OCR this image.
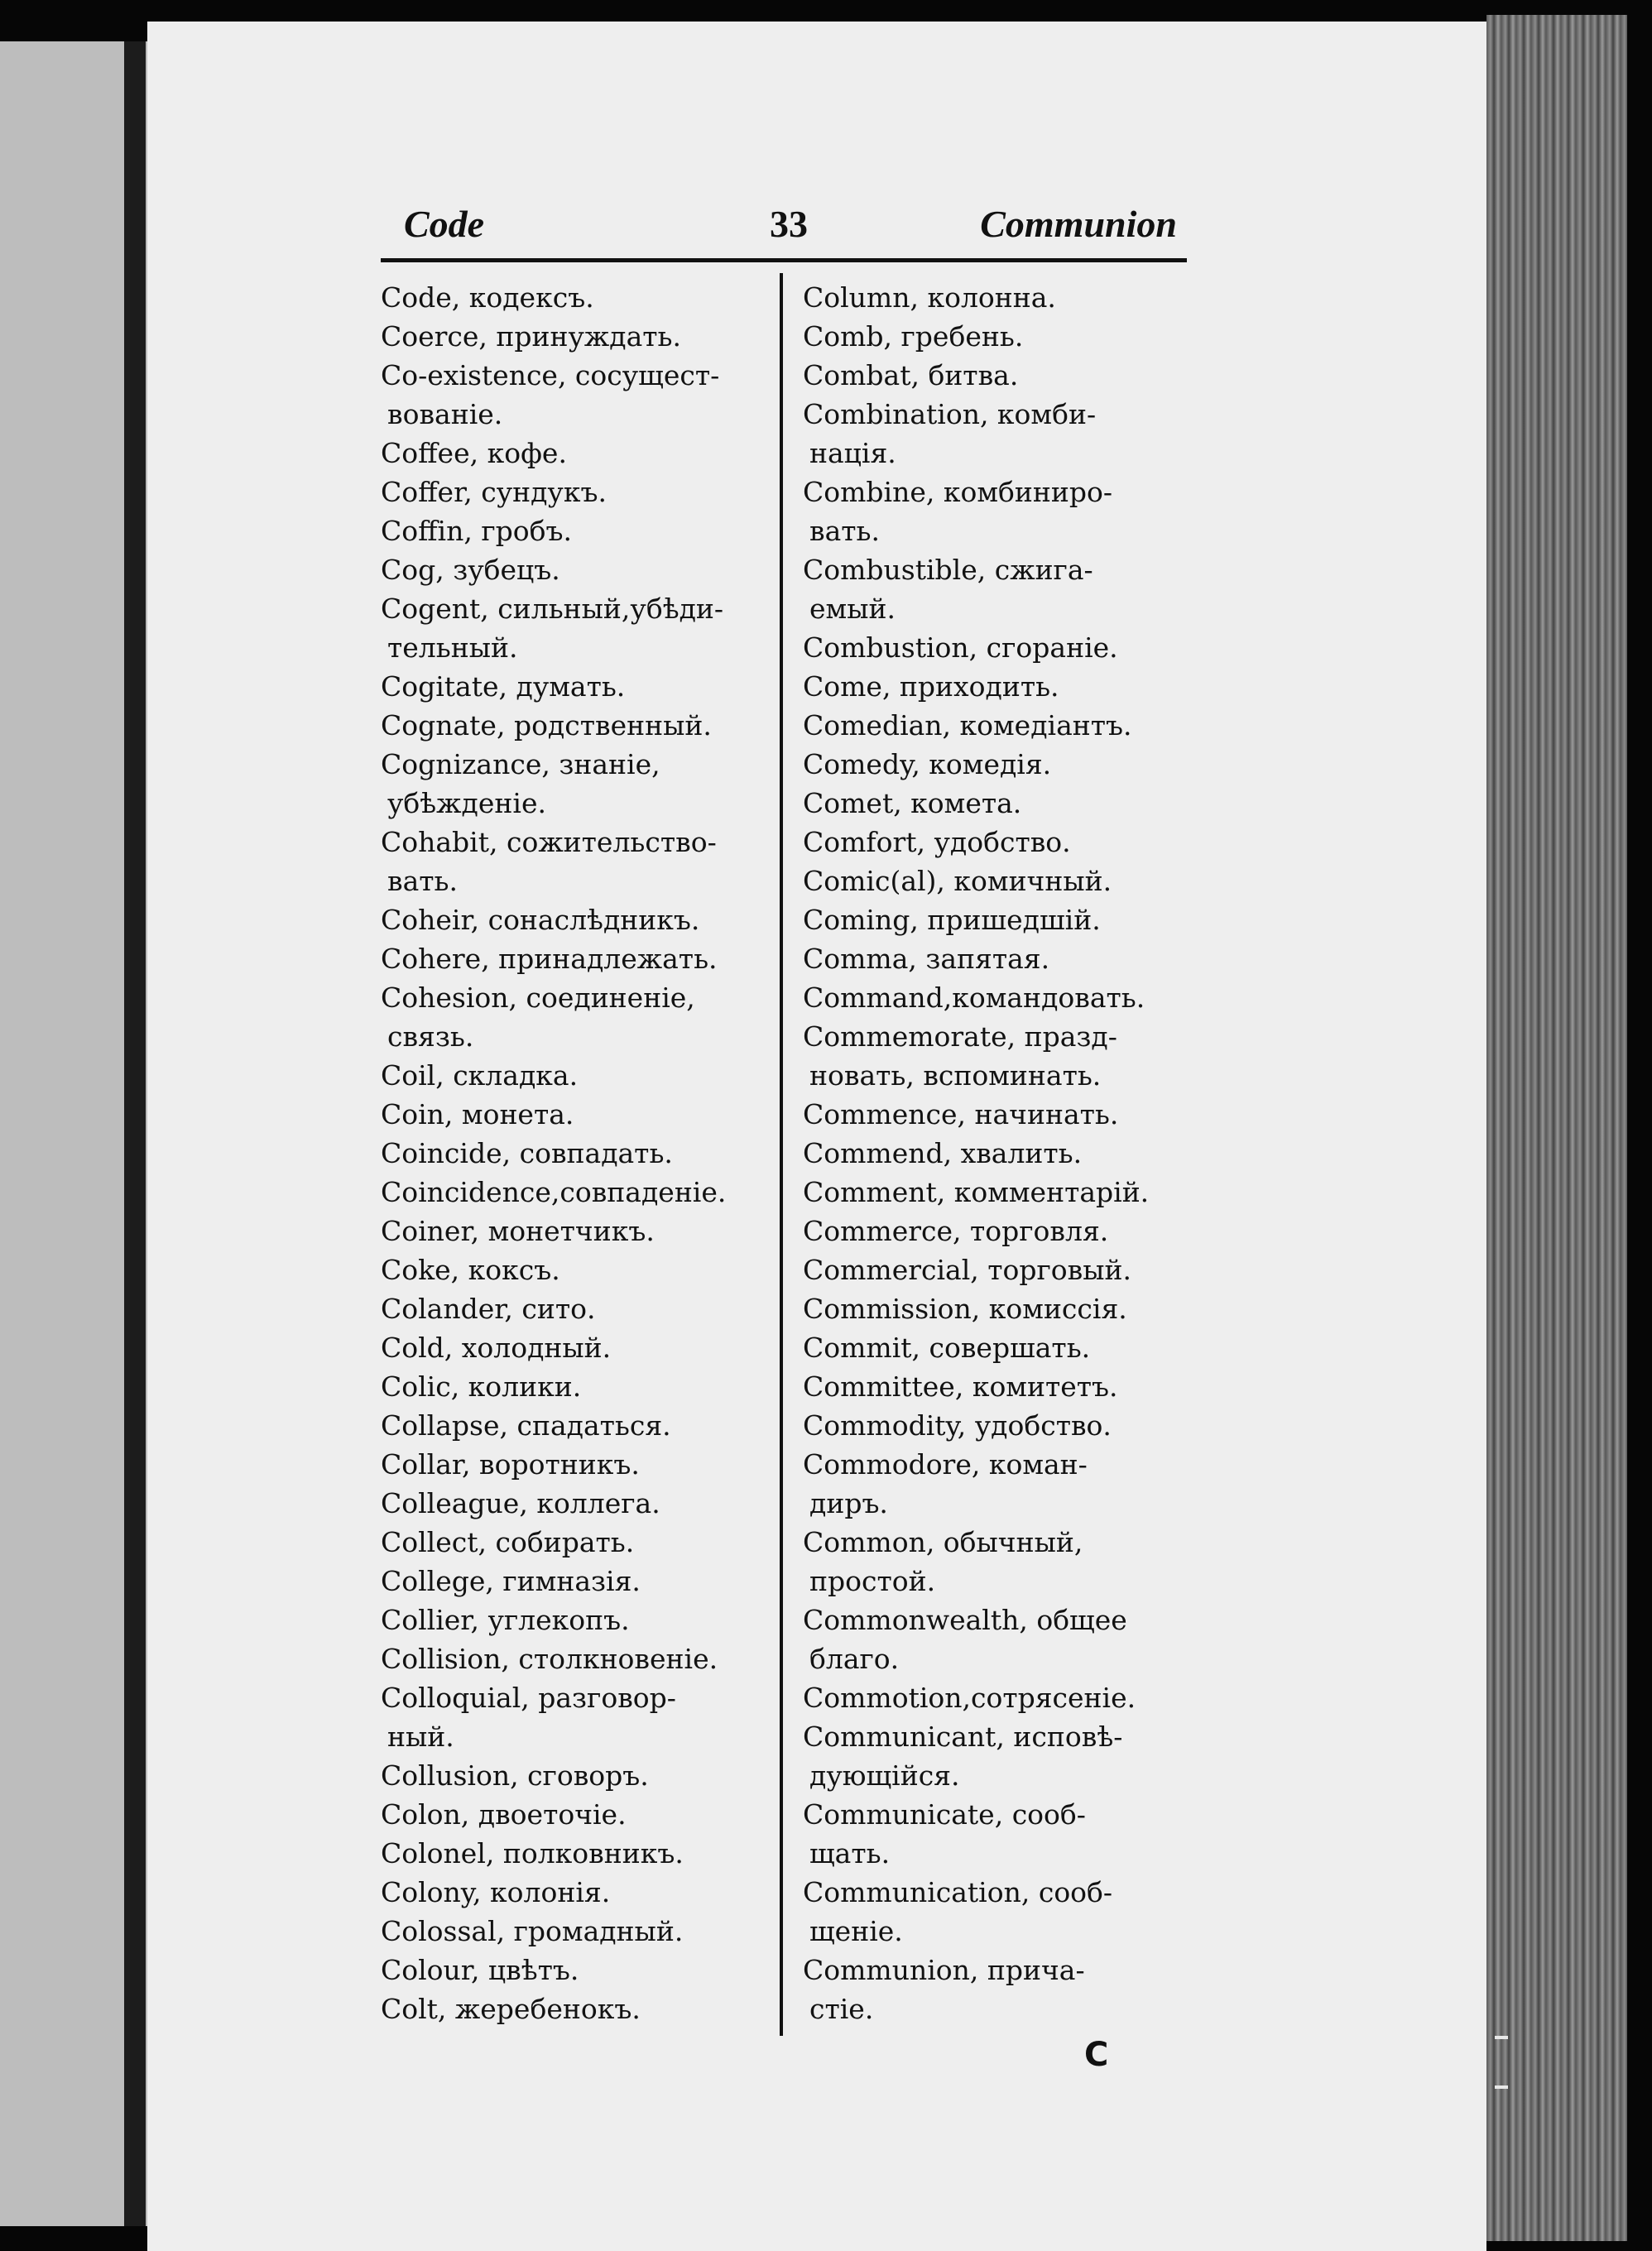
Code	33	Communion
Code, кодексъ.
Coerce, принуждать.
Co-existence, сосущест-
вованіе.
Coffee, кофе.
Coffer, сундукъ.
Coffin, гробъ.
Cog, зубецъ.
Cogent, сильный,убѣди-
тельный.
Cogitate, думать.
Cognate, родственный.
Cognizance, знаніе,
убѣжденіе.
Cohabit, сожительство-
вать.
Coheir, сонаслѣдникъ.
Cohere, принадлежать.
Cohesion, соединеніе,
связь.
Coil, складка.
Coin, монета.
Coincide, совпадать.
Coincidence,совпаденіе.
Coiner, монетчикъ.
Coke, коксъ.
Colander, сито.
Cold, холодный.
Colic, колики.
Collapse, спадаться.
Collar, воротникъ.
Colleague, коллега.
Collect, собирать.
College, гимназія.
Collier, углекопъ.
Collision, столкновеніе.
Colloquial, разговор-
ный.
Collusion, сговоръ.
Colon, двоеточіе.
Colonel, полковникъ.
Colony, колонія.
Colossal, громадный.
Colour, цвѣтъ.
Colt, жеребенокъ.
Column, колонна.
Comb, гребень.
Combat, битва.
Combination, комби-
нація.
Combine, комбиниро-
вать.
Combustible, сжига-
емый.
Combustion, сгораніе.
Come, приходить.
Comedian, комедіантъ.
Comedy, комедія.
Comet, комета.
Comfort, удобство.
Comic(al), комичный.
Coming, пришедшій.
Comma, запятая.
Command,командовать.
Commemorate, празд-
новать, вспоминать.
Commence, начинать.
Commend, хвалить.
Comment, комментарій.
Commerce, торговля.
Commercial, торговый.
Commission, комиссія.
Commit, совершать.
Committee, комитетъ.
Commodity, удобство.
Commodore, коман-
диръ.
Common, обычный,
простой.
Commonwealth, общее
благо.
Commotion,сотрясеніе.
Communicant, исповѣ-
дующійся.
Communicate, сооб-
щать.
Communication, сооб-
щеніе.
Communion, прича-
стіе.
C
